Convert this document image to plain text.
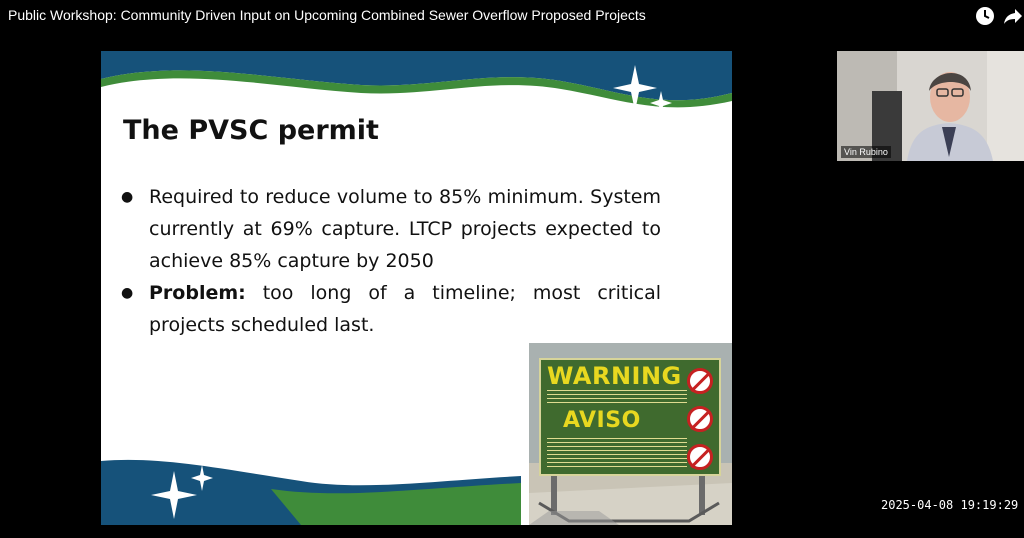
Public Workshop: Community Driven Input on Upcoming Combined Sewer Overflow Proposed Projects
The PVSC permit
● Required to reduce volume to 85% minimum. System currently at 69% capture. LTCP projects expected to achieve 85% capture by 2050
● Problem: too long of a timeline; most critical projects scheduled last.
WARNING
AVISO
Vin Rubino
2025-04-08 19:19:29
